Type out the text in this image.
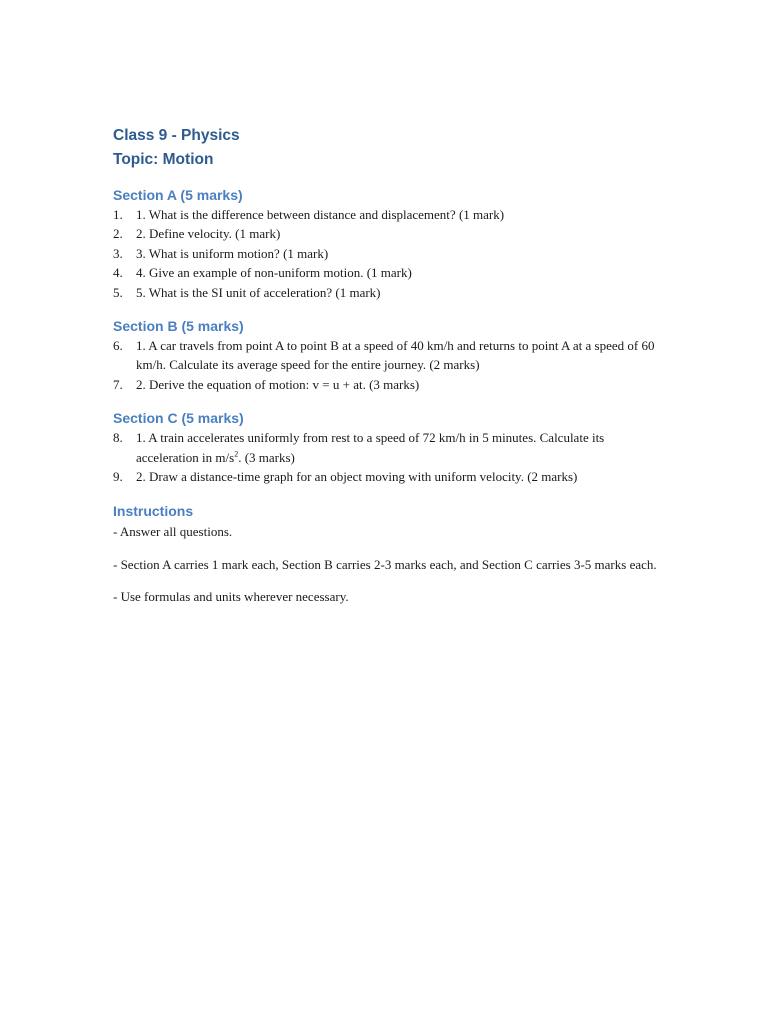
Class 9 - Physics
Topic: Motion
Section A (5 marks)
1.	1. What is the difference between distance and displacement? (1 mark)
2.	2. Define velocity. (1 mark)
3.	3. What is uniform motion? (1 mark)
4.	4. Give an example of non-uniform motion. (1 mark)
5.	5. What is the SI unit of acceleration? (1 mark)
Section B (5 marks)
6.	1. A car travels from point A to point B at a speed of 40 km/h and returns to point A at a speed of 60 km/h. Calculate its average speed for the entire journey. (2 marks)
7.	2. Derive the equation of motion: v = u + at. (3 marks)
Section C (5 marks)
8.	1. A train accelerates uniformly from rest to a speed of 72 km/h in 5 minutes. Calculate its acceleration in $m/s^2$. (3 marks)
9.	2. Draw a distance-time graph for an object moving with uniform velocity. (2 marks)
Instructions

- Answer all questions.

- Section A carries 1 mark each, Section B carries 2-3 marks each, and Section C carries 3-5 marks each.

- Use formulas and units wherever necessary.
